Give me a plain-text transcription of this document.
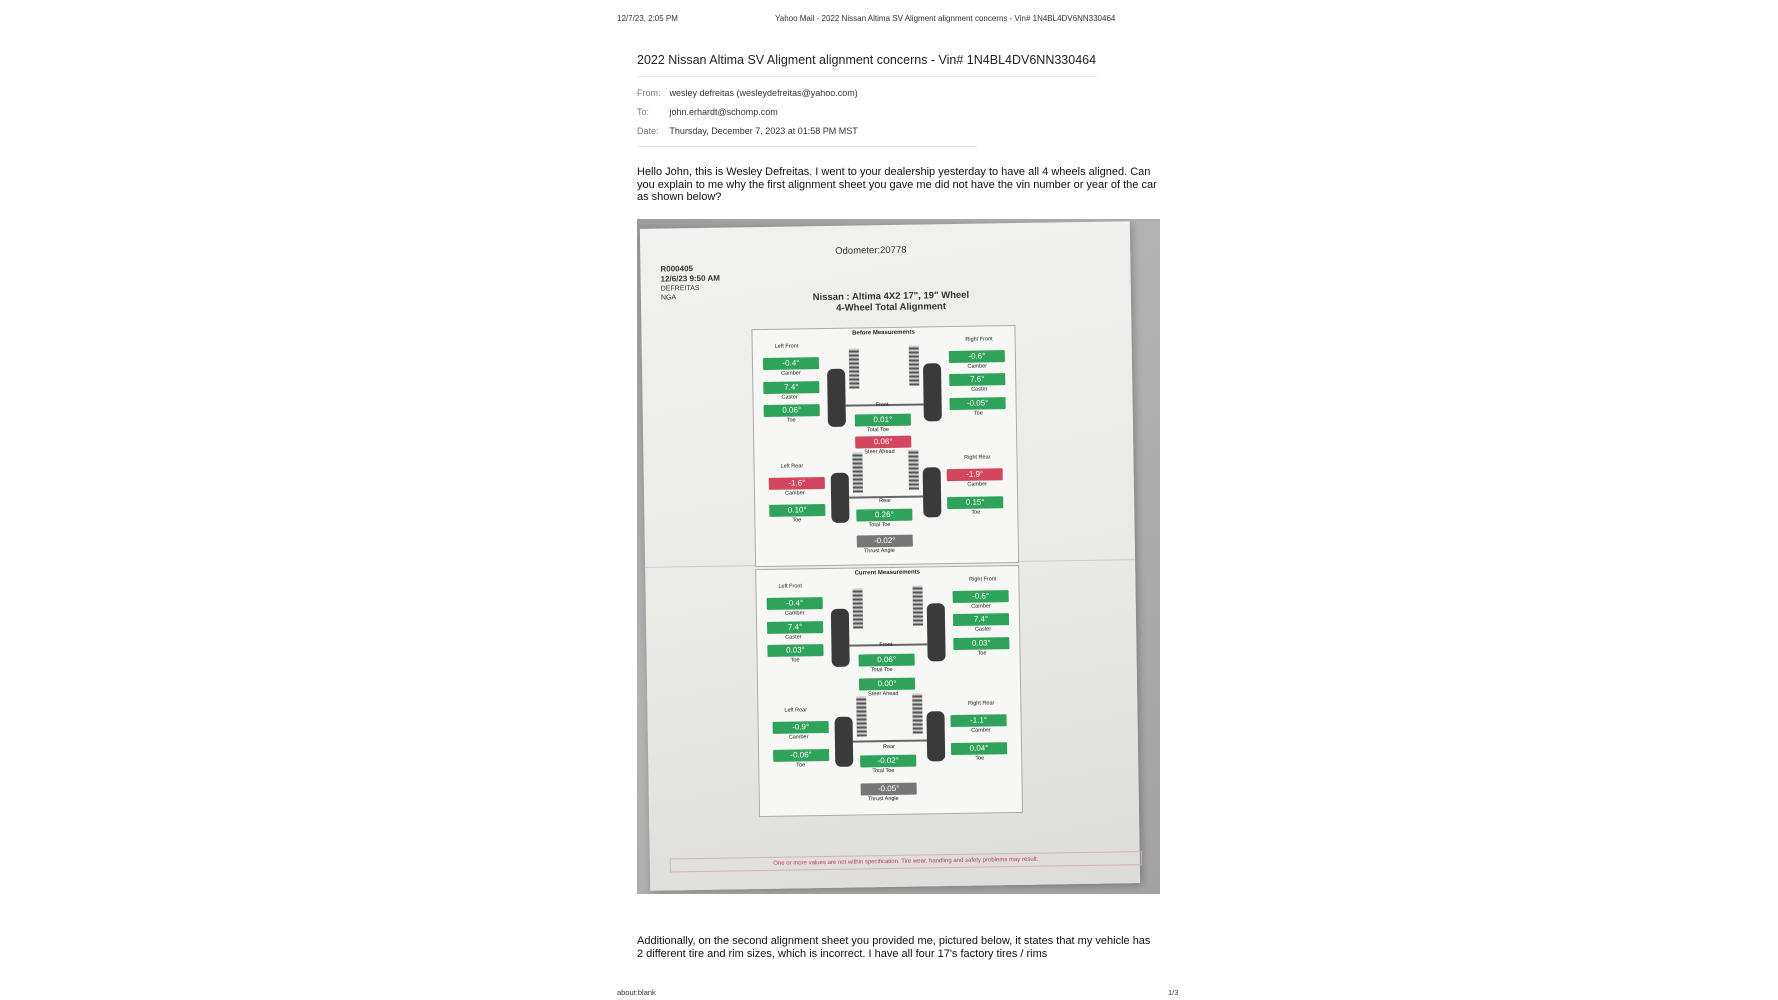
12/7/23, 2:05 PM	Yahoo Mail - 2022 Nissan Altima SV Aligment alignment concerns - Vin# 1N4BL4DV6NN330464
2022 Nissan Altima SV Aligment alignment concerns - Vin# 1N4BL4DV6NN330464
From: wesley defreitas (wesleydefreitas@yahoo.com)
To: john.erhardt@schomp.com
Date: Thursday, December 7, 2023 at 01:58 PM MST
Hello John, this is Wesley Defreitas. I went to your dealership yesterday to have all 4 wheels aligned. Can you explain to me why the first alignment sheet you gave me did not have the vin number or year of the car as shown below?
Odometer:20778
R000405
12/6/23 9:50 AM
DEFREITAS
NGA	Nissan : Altima 4X2 17", 19" Wheel
4-Wheel Total Alignment
Before Measurements
Left Front
-0.4°
Camber
7.4°
Caster
0.06°
Toe
Right Front
-0.6°
Camber
7.6°
Caster
-0.05°
Toe
Front
0.01°
Total Toe
0.06°
Steer Ahead
Left Rear
-1.6°
Camber
0.10°
Toe
Right Rear
-1.9°
Camber
0.15°
Toe
Rear
0.26°
Total Toe
-0.02°
Thrust Angle
Current Measurements
Left Front
-0.4°
Camber
7.4°
Caster
0.03°
Toe
Right Front
-0.6°
Camber
7.4°
Caster
0.03°
Toe
Front
0.06°
Total Toe
0.00°
Steer Ahead
Left Rear
-0.9°
Camber
-0.06°
Toe
Right Rear
-1.1°
Camber
0.04°
Toe
Rear
-0.02°
Total Toe
-0.05°
Thrust Angle
One or more values are not within specification. Tire wear, handling and safety problems may result.
Additionally, on the second alignment sheet you provided me, pictured below, it states that my vehicle has 2 different tire and rim sizes, which is incorrect. I have all four 17's factory tires / rims
about:blank	1/3
